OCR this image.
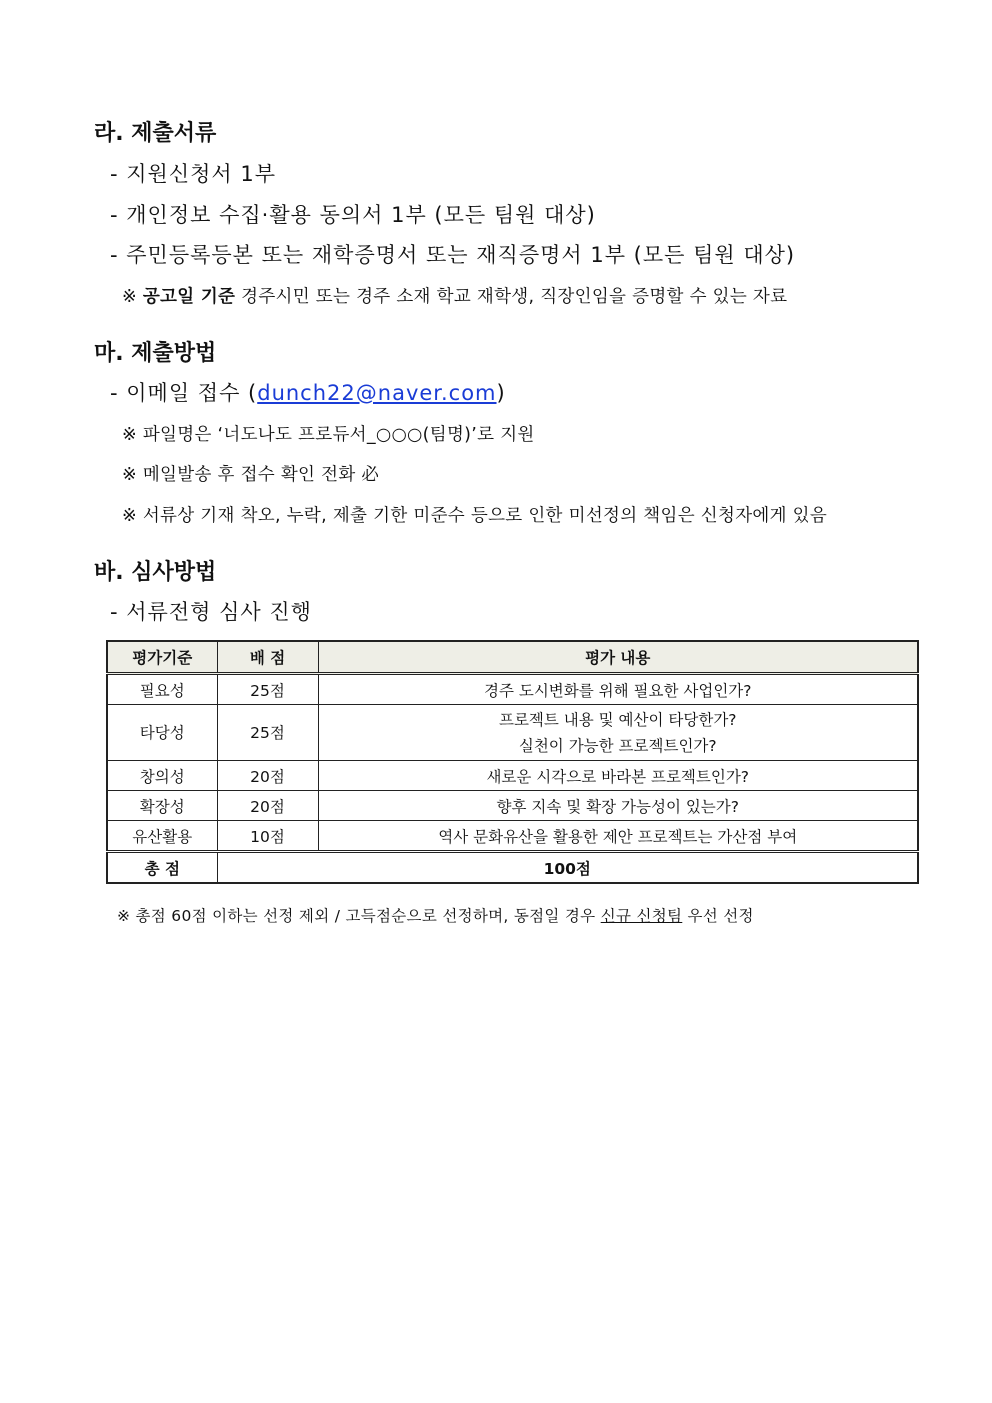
라. 제출서류
- 지원신청서 1부
- 개인정보 수집·활용 동의서 1부 (모든 팀원 대상)
- 주민등록등본 또는 재학증명서 또는 재직증명서 1부 (모든 팀원 대상)
※ 공고일 기준 경주시민 또는 경주 소재 학교 재학생, 직장인임을 증명할 수 있는 자료
마. 제출방법
- 이메일 접수 (dunch22@naver.com)
※ 파일명은 ‘너도나도 프로듀서_○○○(팀명)’로 지원
※ 메일발송 후 접수 확인 전화 必
※ 서류상 기재 착오, 누락, 제출 기한 미준수 등으로 인한 미선정의 책임은 신청자에게 있음
바. 심사방법
- 서류전형 심사 진행
평가기준	배 점	평가 내용
필요성	25점	경주 도시변화를 위해 필요한 사업인가?
타당성	25점	프로젝트 내용 및 예산이 타당한가?
실천이 가능한 프로젝트인가?

창의성	20점	새로운 시각으로 바라본 프로젝트인가?
확장성	20점	향후 지속 및 확장 가능성이 있는가?
유산활용	10점	역사 문화유산을 활용한 제안 프로젝트는 가산점 부여
총 점	100점	
※ 총점 60점 이하는 선정 제외 / 고득점순으로 선정하며, 동점일 경우 신규 신청팀 우선 선정
